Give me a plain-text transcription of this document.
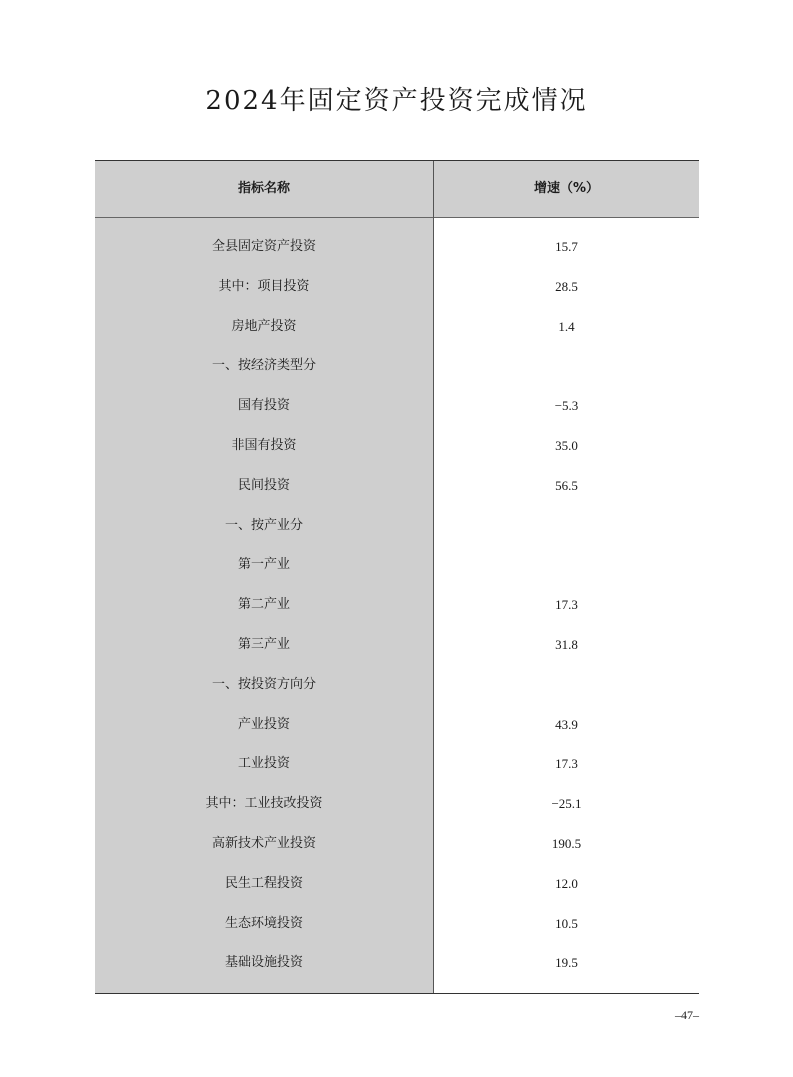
2024年固定资产投资完成情况
指标名称	增速（%）
全县固定资产投资	15.7
其中：项目投资	28.5
房地产投资	1.4
一、按经济类型分
国有投资	−5.3
非国有投资	35.0
民间投资	56.5
一、按产业分
第一产业
第二产业	17.3
第三产业	31.8
一、按投资方向分
产业投资	43.9
工业投资	17.3
其中：工业技改投资	−25.1
高新技术产业投资	190.5
民生工程投资	12.0
生态环境投资	10.5
基础设施投资	19.5
–47–
